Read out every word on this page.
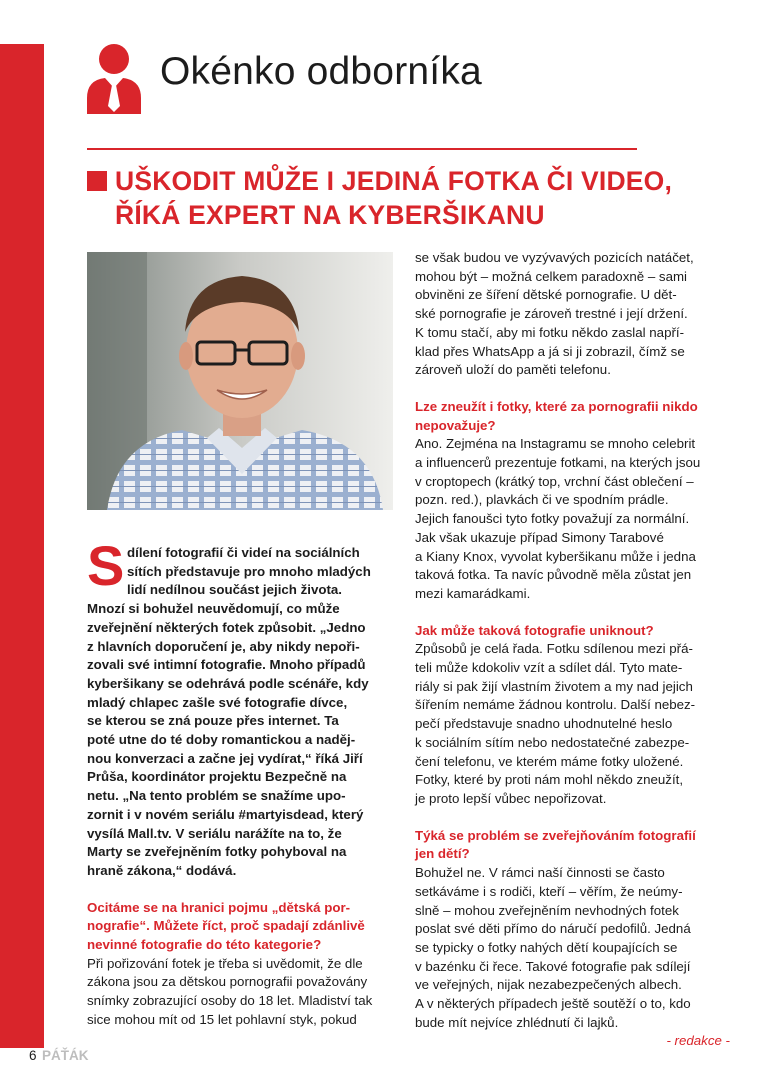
Okénko odborníka
UŠKODIT MŮŽE I JEDINÁ FOTKA ČI VIDEO,
ŘÍKÁ EXPERT NA KYBERŠIKANU
S dílení fotografií či videí na sociálních
sítích představuje pro mnoho mladých
lidí nedílnou součást jejich života.

Mnozí si bohužel neuvědomují, co může

zveřejnění některých fotek způsobit. „Jedno

z hlavních doporučení je, aby nikdy nepoři-

zovali své intimní fotografie. Mnoho případů

kyberšikany se odehrává podle scénáře, kdy

mladý chlapec zašle své fotografie dívce,

se kterou se zná pouze přes internet. Ta

poté utne do té doby romantickou a naděj-

nou konverzaci a začne jej vydírat,“ říká Jiří

Průša, koordinátor projektu Bezpečně na

netu. „Na tento problém se snažíme upo-

zornit i v novém seriálu #martyisdead, který

vysílá Mall.tv. V seriálu narážíte na to, že

Marty se zveřejněním fotky pohyboval na

hraně zákona,“ dodává.

Ocitáme se na hranici pojmu „dětská por-

nografie“. Můžete říct, proč spadají zdánlivě

nevinné fotografie do této kategorie?

Při pořizování fotek je třeba si uvědomit, že dle

zákona jsou za dětskou pornografii považovány

snímky zobrazující osoby do 18 let. Mladiství tak

sice mohou mít od 15 let pohlavní styk, pokud

se však budou ve vyzývavých pozicích natáčet,

mohou být – možná celkem paradoxně – sami

obviněni ze šíření dětské pornografie. U dět-

ské pornografie je zároveň trestné i její držení.

K tomu stačí, aby mi fotku někdo zaslal napří-

klad přes WhatsApp a já si ji zobrazil, čímž se

zároveň uloží do paměti telefonu.

Lze zneužít i fotky, které za pornografii nikdo

nepovažuje?

Ano. Zejména na Instagramu se mnoho celebrit

a influencerů prezentuje fotkami, na kterých jsou

v croptopech (krátký top, vrchní část oblečení –

pozn. red.), plavkách či ve spodním prádle.

Jejich fanoušci tyto fotky považují za normální.

Jak však ukazuje případ Simony Tarabové

a Kiany Knox, vyvolat kyberšikanu může i jedna

taková fotka. Ta navíc původně měla zůstat jen

mezi kamarádkami.

Jak může taková fotografie uniknout?

Způsobů je celá řada. Fotku sdílenou mezi přá-

teli může kdokoliv vzít a sdílet dál. Tyto mate-

riály si pak žijí vlastním životem a my nad jejich

šířením nemáme žádnou kontrolu. Další nebez-

pečí představuje snadno uhodnutelné heslo

k sociálním sítím nebo nedostatečné zabezpe-

čení telefonu, ve kterém máme fotky uložené.

Fotky, které by proti nám mohl někdo zneužít,

je proto lepší vůbec nepořizovat.

Týká se problém se zveřejňováním fotografií

jen dětí?

Bohužel ne. V rámci naší činnosti se často

setkáváme i s rodiči, kteří – věřím, že neúmy-

slně – mohou zveřejněním nevhodných fotek

poslat své děti přímo do náručí pedofilů. Jedná

se typicky o fotky nahých dětí koupajících se

v bazénku či řece. Takové fotografie pak sdílejí

ve veřejných, nijak nezabezpečených albech.

A v některých případech ještě soutěží o to, kdo

bude mít nejvíce zhlédnutí či lajků.

- redakce -

6 PÁŤÁK
